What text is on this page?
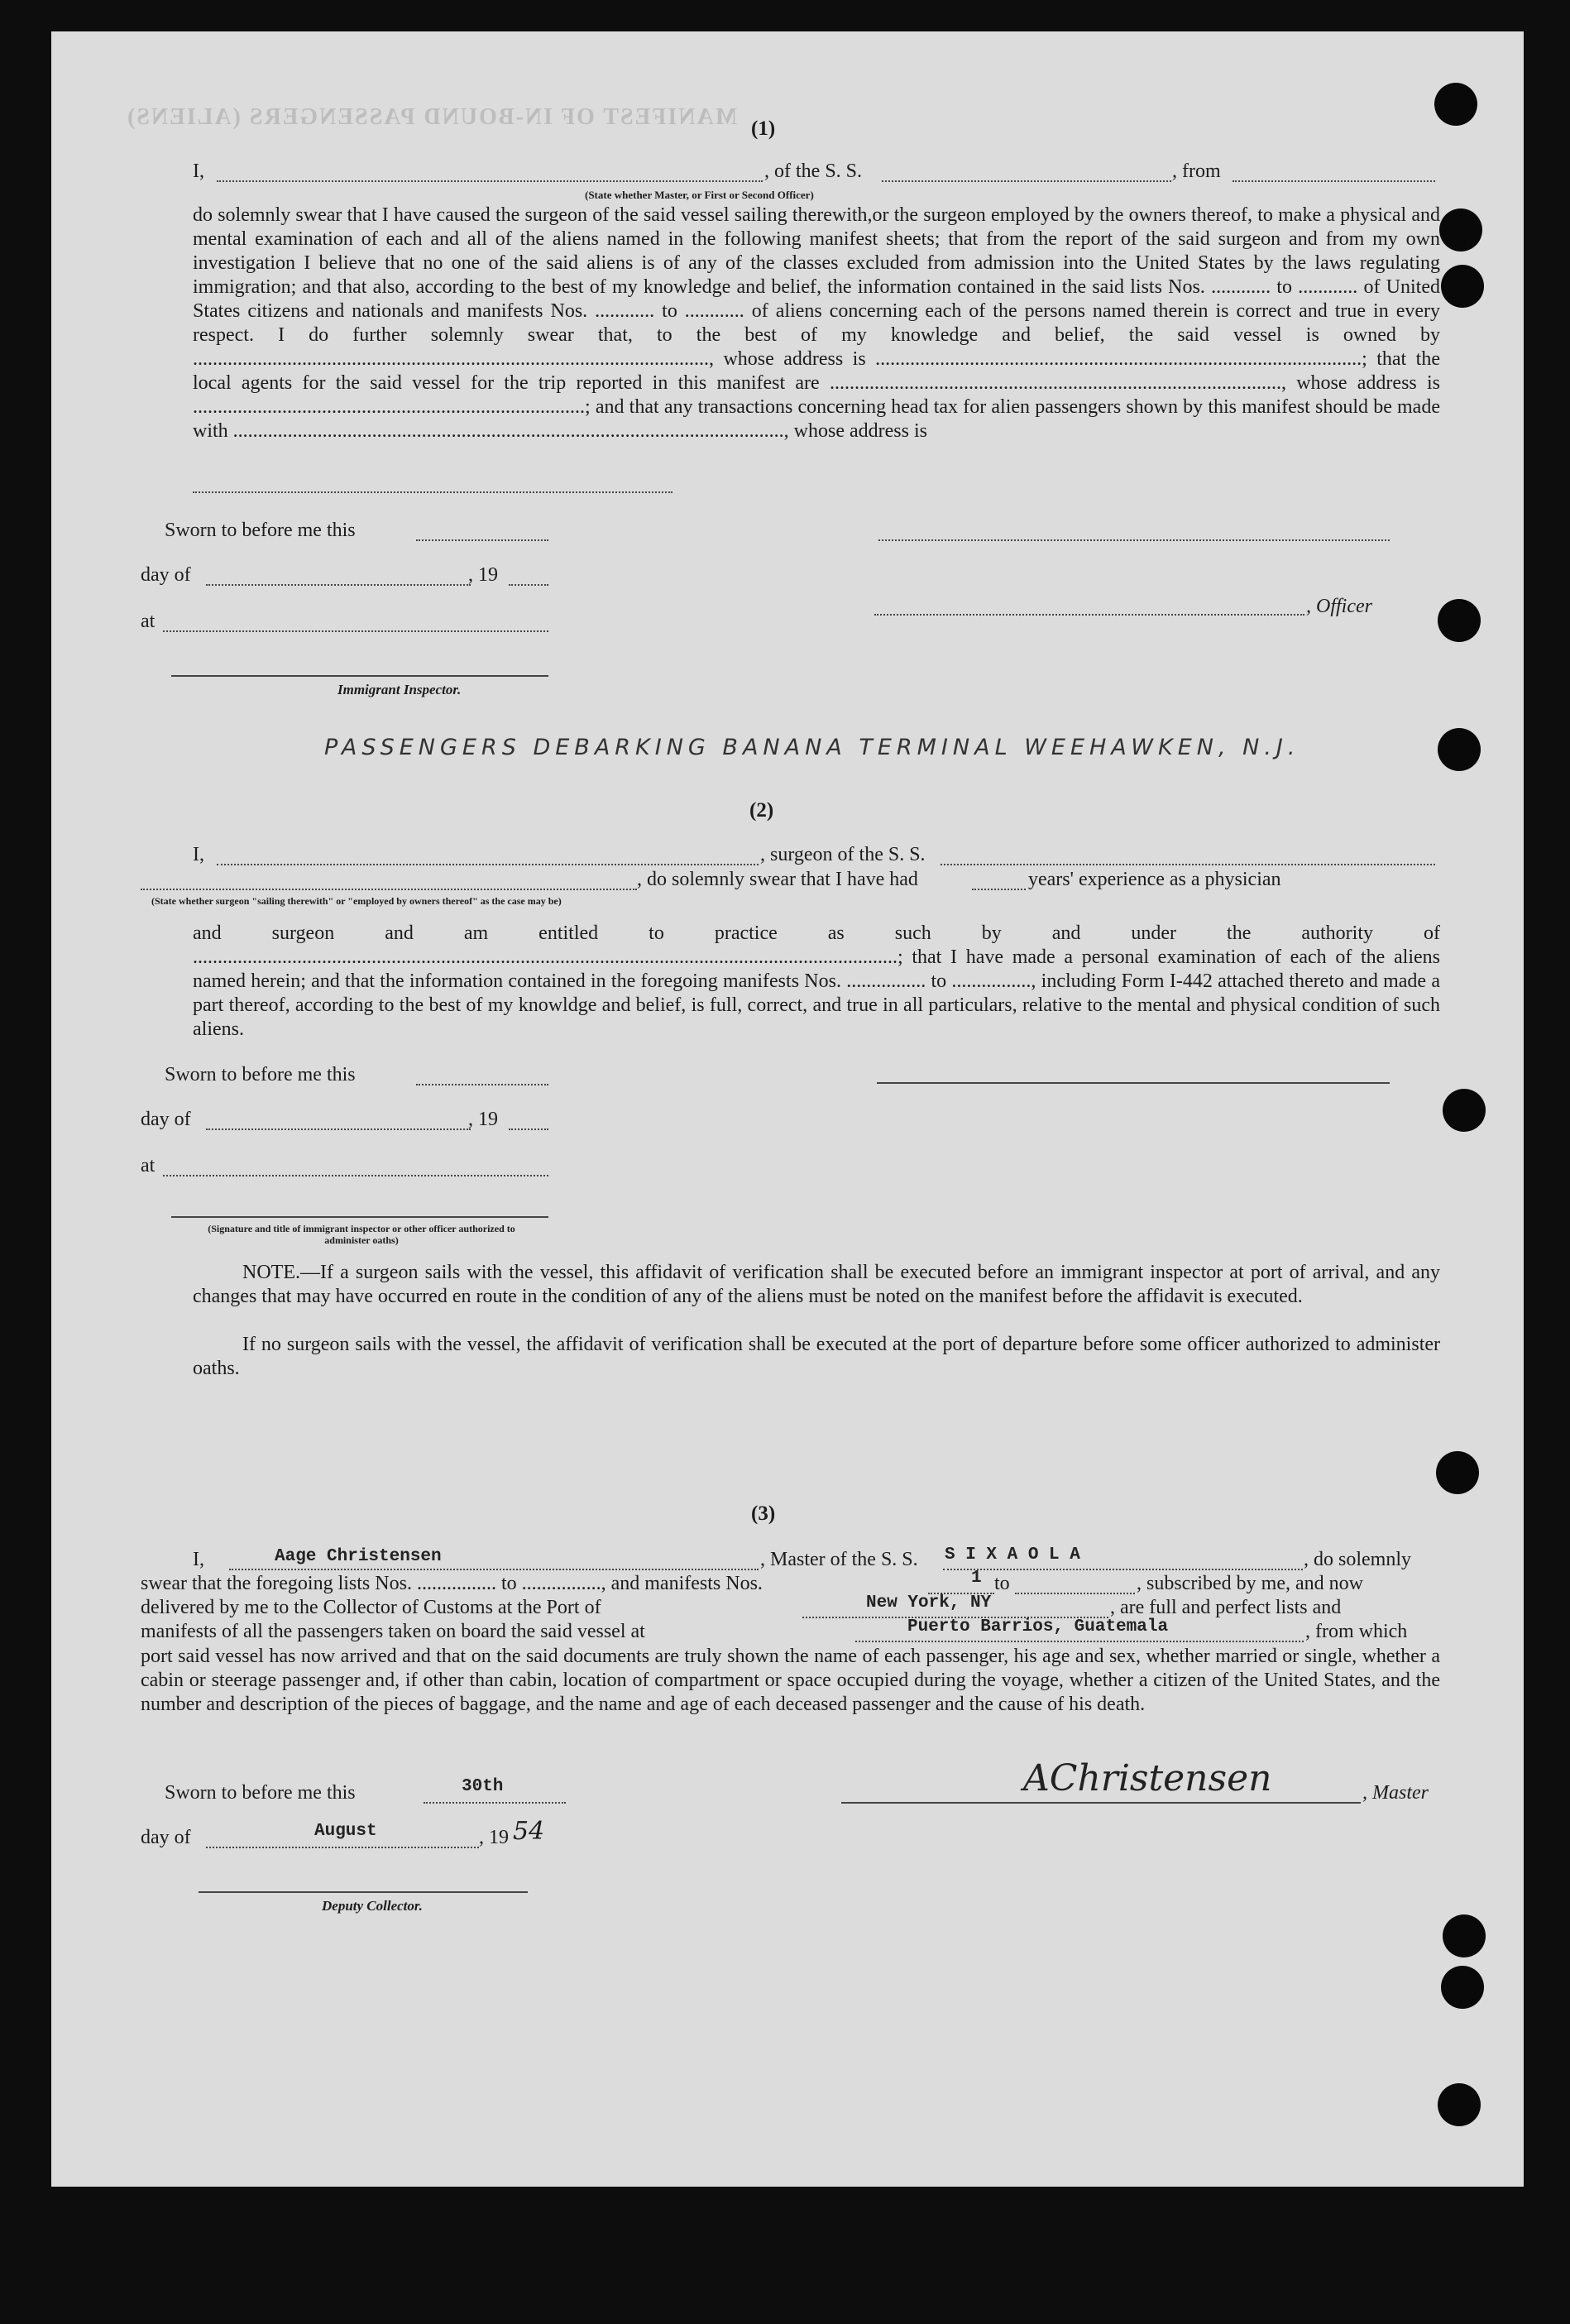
MANIFEST OF IN-BOUND PASSENGERS (ALIENS) (1)
I,	, of the S. S.	, from
(State whether Master, or First or Second Officer)
do solemnly swear that I have caused the surgeon of the said vessel sailing therewith,or the surgeon employed by the owners thereof, to make a physical and mental examination of each and all of the aliens named in the following manifest sheets; that from the report of the said surgeon and from my own investigation I believe that no one of the said aliens is of any of the classes excluded from admission into the United States by the laws regulating immigration; and that also, according to the best of my knowledge and belief, the information contained in the said lists Nos. ............ to ............ of United States citizens and nationals and manifests Nos. ............ to ............ of aliens concerning each of the persons named therein is correct and true in every respect. I do further solemnly swear that, to the best of my knowledge and belief, the said vessel is owned by ........................................................................................................, whose address is ..................................................................................................; that the local agents for the said vessel for the trip reported in this manifest are ..........................................................................................., whose address is ...............................................................................; and that any transactions concerning head tax for alien passengers shown by this manifest should be made with ..............................................................................................................., whose address is
Sworn to before me this
day of	, 19
, Officer
at
Immigrant Inspector.
PASSENGERS DEBARKING BANANA TERMINAL WEEHAWKEN, N.J.
(2)
I,	, surgeon of the S. S.
, do solemnly swear that I have had	years' experience as a physician
(State whether surgeon "sailing therewith" or "employed by owners thereof" as the case may be)
and surgeon and am entitled to practice as such by and under the authority of ..............................................................................................................................................; that I have made a personal examination of each of the aliens named herein; and that the information contained in the foregoing manifests Nos. ................ to ................, including Form I-442 attached thereto and made a part thereof, according to the best of my knowldge and belief, is full, correct, and true in all particulars, relative to the mental and physical condition of such aliens.
Sworn to before me this
day of	, 19
at
(Signature and title of immigrant inspector or other officer authorized to administer oaths)
NOTE.—If a surgeon sails with the vessel, this affidavit of verification shall be executed before an immigrant inspector at port of arrival, and any changes that may have occurred en route in the condition of any of the aliens must be noted on the manifest before the affidavit is executed.
If no surgeon sails with the vessel, the affidavit of verification shall be executed at the port of departure before some officer authorized to administer oaths.
(3)
I,	Aage Christensen	, Master of the S. S. S I X A O L A	, do solemnly
swear that the foregoing lists Nos. ................ to ................, and manifests Nos.	1 to	, subscribed by me, and now
delivered by me to the Collector of Customs at the Port of	New York, NY	, are full and perfect lists and
manifests of all the passengers taken on board the said vessel at	Puerto Barrios, Guatemala	, from which
port said vessel has now arrived and that on the said documents are truly shown the name of each passenger, his age and sex, whether married or single, whether a cabin or steerage passenger and, if other than cabin, location of compartment or space occupied during the voyage, whether a citizen of the United States, and the number and description of the pieces of baggage, and the name and age of each deceased passenger and the cause of his death.
Sworn to before me this	30th	AChristensen	, Master
day of	August	, 19 54
Deputy Collector.
